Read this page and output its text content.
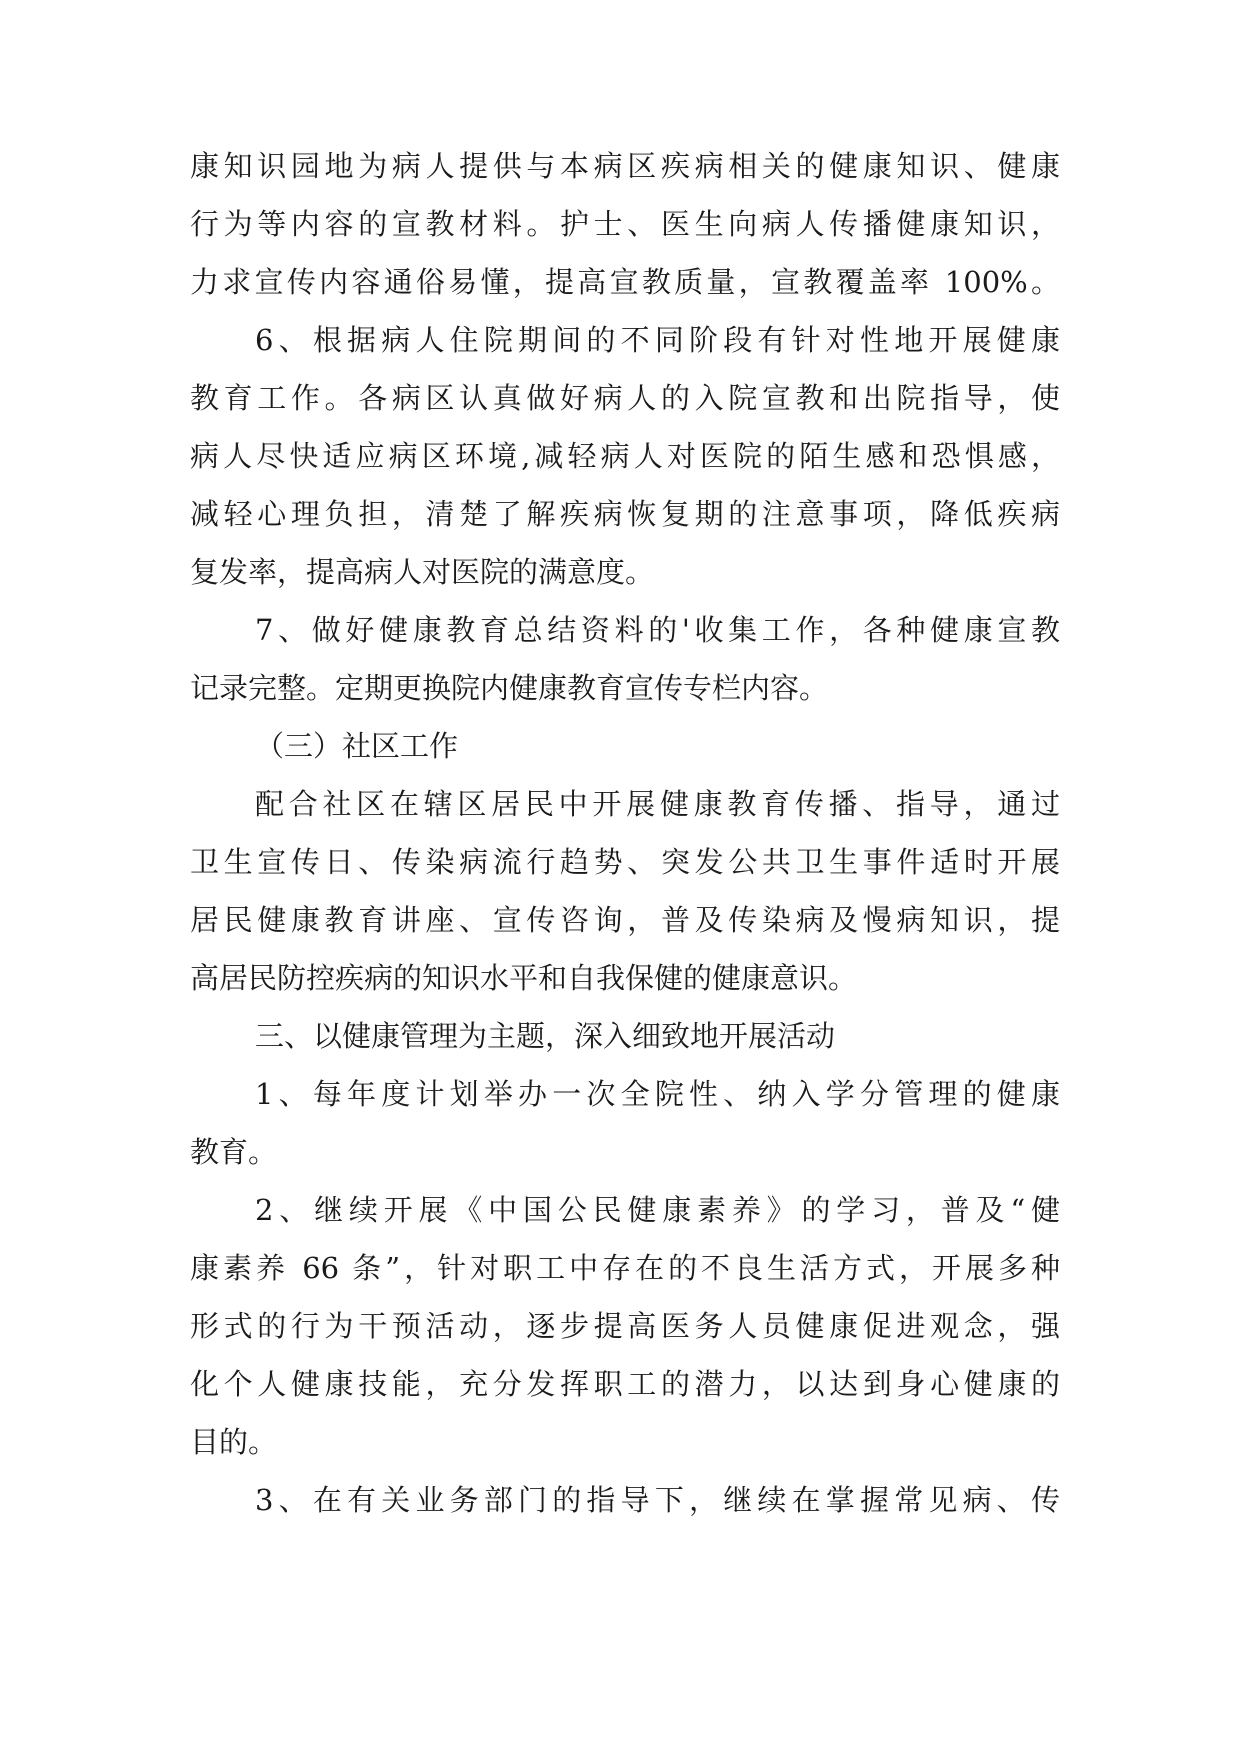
康知识园地为病人提供与本病区疾病相关的健康知识、健康
行为等内容的宣教材料。护士、医生向病人传播健康知识，
力求宣传内容通俗易懂，提高宣教质量，宣教覆盖率 100%。
6、根据病人住院期间的不同阶段有针对性地开展健康
教育工作。各病区认真做好病人的入院宣教和出院指导，使
病人尽快适应病区环境,减轻病人对医院的陌生感和恐惧感，
减轻心理负担，清楚了解疾病恢复期的注意事项，降低疾病
复发率，提高病人对医院的满意度。
7、做好健康教育总结资料的'收集工作，各种健康宣教
记录完整。定期更换院内健康教育宣传专栏内容。
（三）社区工作
配合社区在辖区居民中开展健康教育传播、指导，通过
卫生宣传日、传染病流行趋势、突发公共卫生事件适时开展
居民健康教育讲座、宣传咨询，普及传染病及慢病知识，提
高居民防控疾病的知识水平和自我保健的健康意识。
三、以健康管理为主题，深入细致地开展活动
1、每年度计划举办一次全院性、纳入学分管理的健康
教育。
2、继续开展《中国公民健康素养》的学习，普及“健
康素养 66 条”，针对职工中存在的不良生活方式，开展多种
形式的行为干预活动，逐步提高医务人员健康促进观念，强
化个人健康技能，充分发挥职工的潜力，以达到身心健康的
目的。
3、在有关业务部门的指导下，继续在掌握常见病、传
